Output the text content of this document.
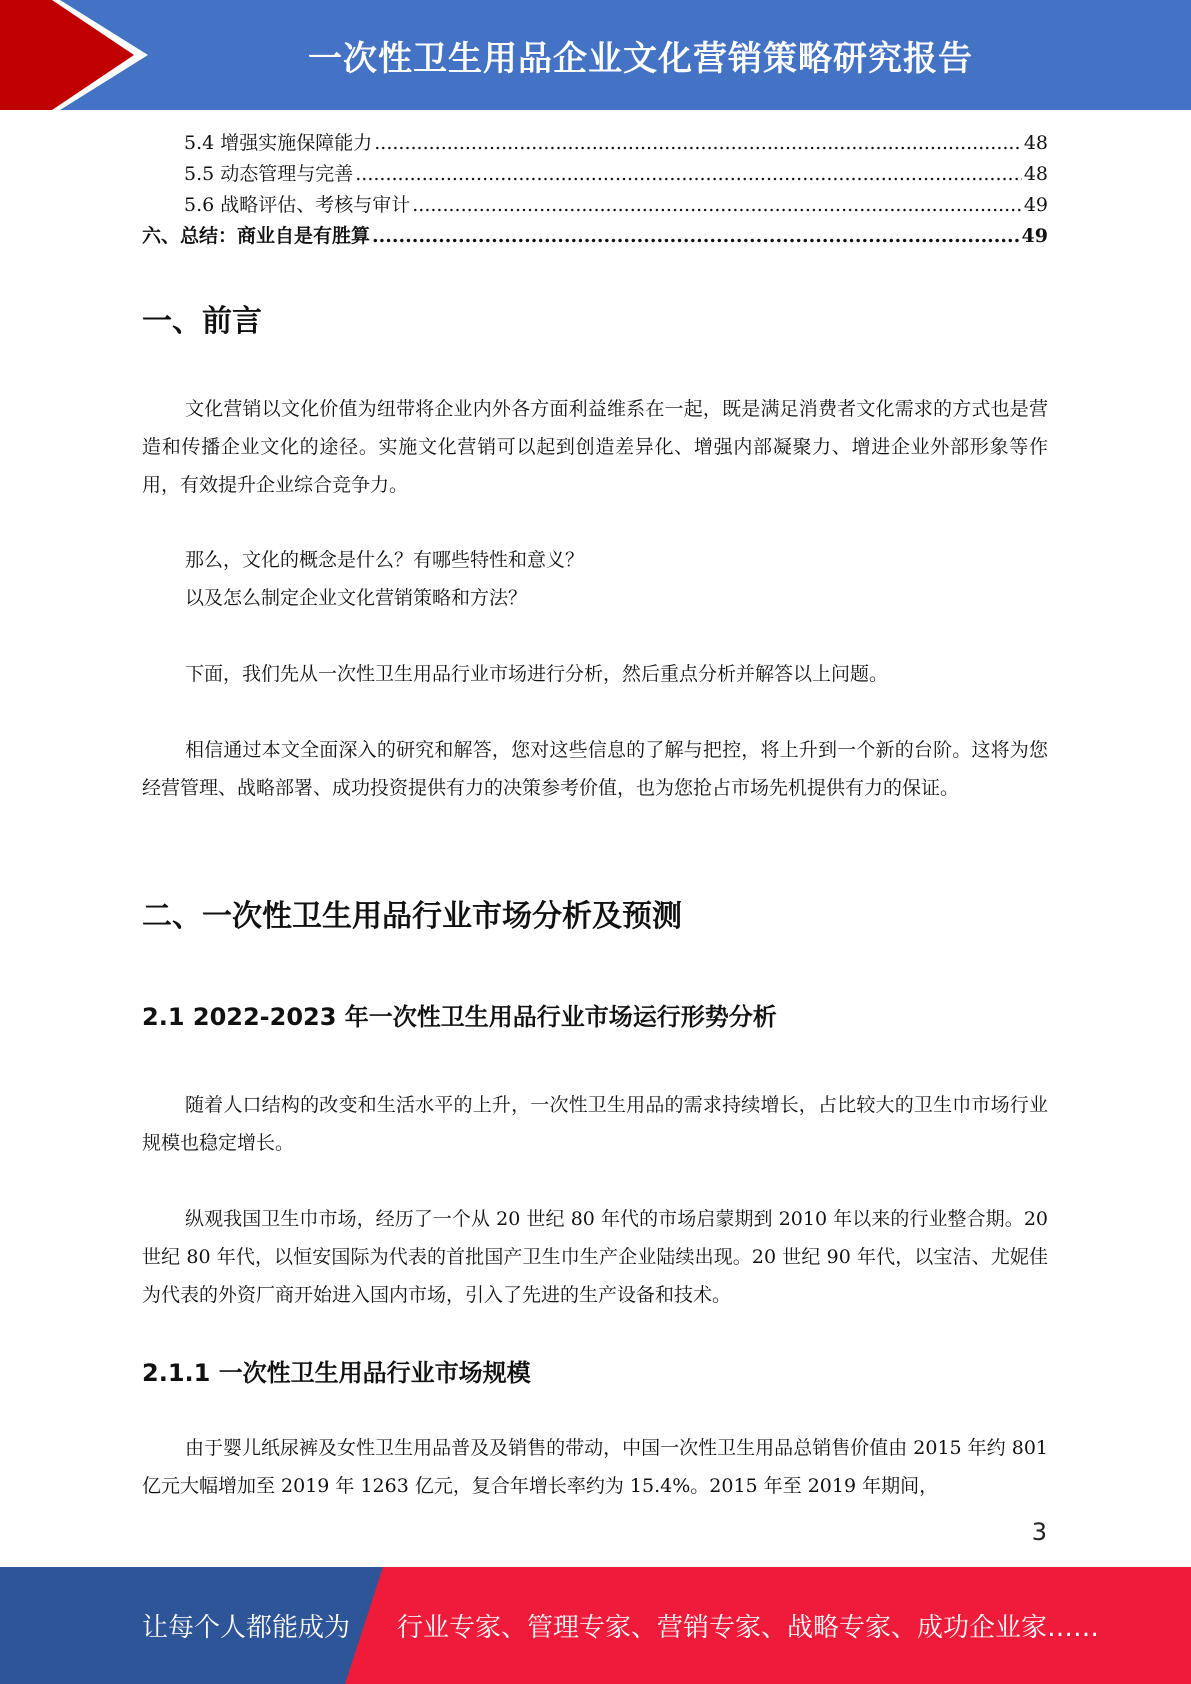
一次性卫生用品企业文化营销策略研究报告
5.4 增强实施保障能力 .....	48
5.5 动态管理与完善 .....	48
5.6 战略评估、考核与审计 .....	49
六、总结：商业自是有胜算 .....	49
一、前言

文化营销以文化价值为纽带将企业内外各方面利益维系在一起，既是满足消费者文化需求的方式也是营造和传播企业文化的途径。实施文化营销可以起到创造差异化、增强内部凝聚力、增进企业外部形象等作用，有效提升企业综合竞争力。

那么，文化的概念是什么？有哪些特性和意义？

以及怎么制定企业文化营销策略和方法？

下面，我们先从一次性卫生用品行业市场进行分析，然后重点分析并解答以上问题。

相信通过本文全面深入的研究和解答，您对这些信息的了解与把控，将上升到一个新的台阶。这将为您经营管理、战略部署、成功投资提供有力的决策参考价值，也为您抢占市场先机提供有力的保证。

二、一次性卫生用品行业市场分析及预测
2.1 2022-2023 年一次性卫生用品行业市场运行形势分析

随着人口结构的改变和生活水平的上升，一次性卫生用品的需求持续增长，占比较大的卫生巾市场行业规模也稳定增长。

纵观我国卫生巾市场，经历了一个从 20 世纪 80 年代的市场启蒙期到 2010 年以来的行业整合期。20 世纪 80 年代，以恒安国际为代表的首批国产卫生巾生产企业陆续出现。20 世纪 90 年代，以宝洁、尤妮佳为代表的外资厂商开始进入国内市场，引入了先进的生产设备和技术。

2.1.1 一次性卫生用品行业市场规模

由于婴儿纸尿裤及女性卫生用品普及及销售的带动，中国一次性卫生用品总销售价值由 2015 年约 801 亿元大幅增加至 2019 年 1263 亿元，复合年增长率约为 15.4%。2015 年至 2019 年期间，

3
让每个人都能成为 行业专家、管理专家、营销专家、战略专家、成功企业家……
